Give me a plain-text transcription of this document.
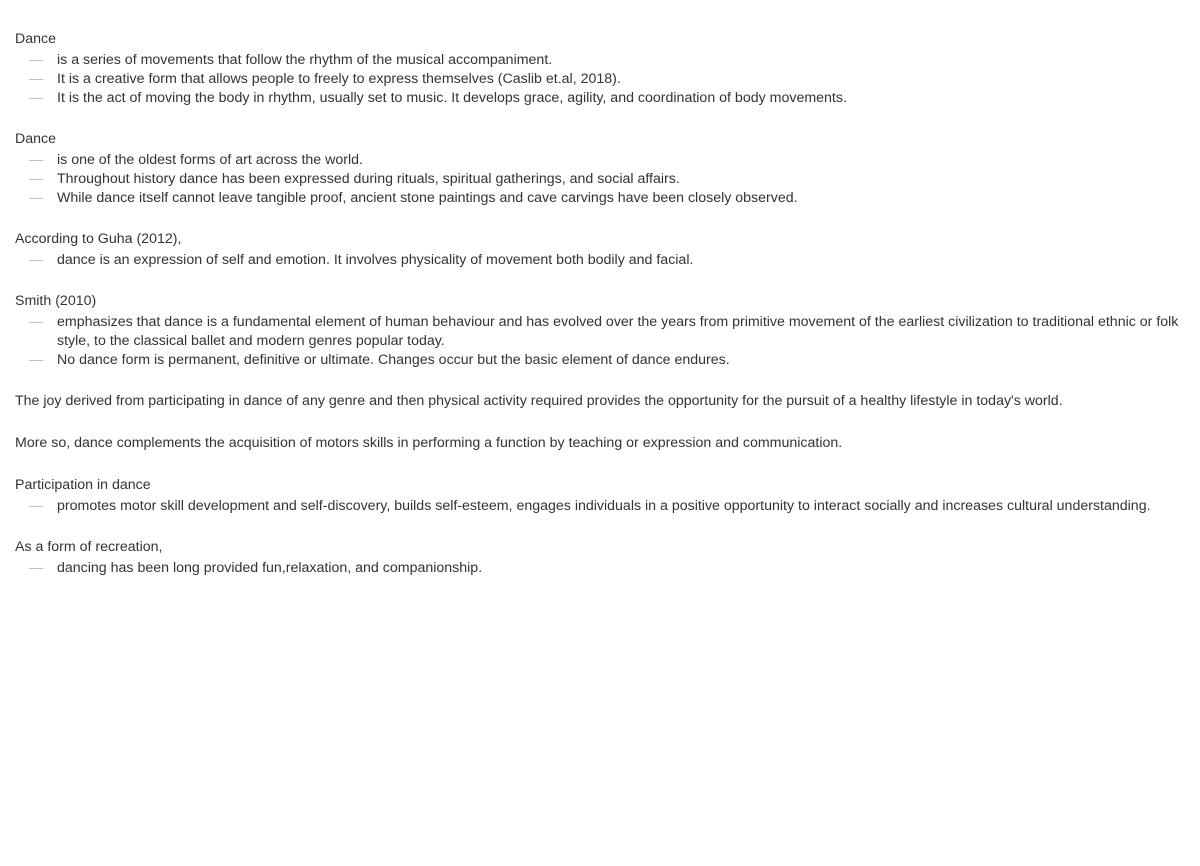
Dance
— is a series of movements that follow the rhythm of the musical accompaniment.
— It is a creative form that allows people to freely to express themselves (Caslib et.al, 2018).
— It is the act of moving the body in rhythm, usually set to music. It develops grace, agility, and coordination of body movements.
Dance
— is one of the oldest forms of art across the world.
— Throughout history dance has been expressed during rituals, spiritual gatherings, and social affairs.
— While dance itself cannot leave tangible proof, ancient stone paintings and cave carvings have been closely observed.
According to Guha (2012),
— dance is an expression of self and emotion. It involves physicality of movement both bodily and facial.
Smith (2010)
— emphasizes that dance is a fundamental element of human behaviour and has evolved over the years from primitive movement of the earliest civilization to traditional ethnic or folk style, to the classical ballet and modern genres popular today.
— No dance form is permanent, definitive or ultimate. Changes occur but the basic element of dance endures.
The joy derived from participating in dance of any genre and then physical activity required provides the opportunity for the pursuit of a healthy lifestyle in today's world.
More so, dance complements the acquisition of motors skills in performing a function by teaching or expression and communication.
Participation in dance
— promotes motor skill development and self-discovery, builds self-esteem, engages individuals in a positive opportunity to interact socially and increases cultural understanding.
As a form of recreation,
— dancing has been long provided fun,relaxation, and companionship.
